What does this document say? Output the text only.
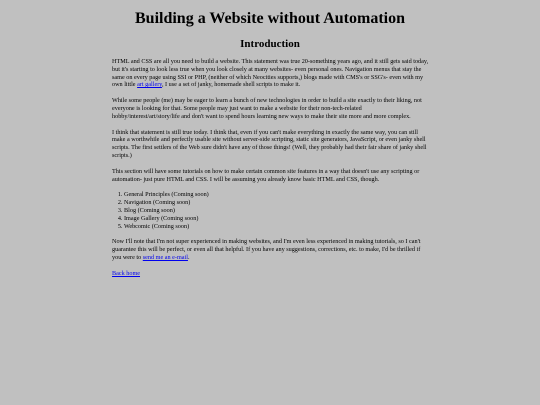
Building a Website without Automation
Introduction

HTML and CSS are all you need to build a website. This statement was true 20-something years ago, and it still gets said today, but it's starting to look less true when you look closely at many websites- even personal ones. Navigation menus that stay the same on every page using SSI or PHP, (neither of which Neocities supports,) blogs made with CMS's or SSG's- even with my own little art gallery, I use a set of janky, homemade shell scripts to make it.

While some people (me) may be eager to learn a bunch of new technologies in order to build a site exactly to their liking, not everyone is looking for that. Some people may just want to make a website for their non-tech-related hobby/interest/art/story/life and don't want to spend hours learning new ways to make their site more and more complex.

I think that statement is still true today. I think that, even if you can't make everything in exactly the same way, you can still make a worthwhile and perfectly usable site without server-side scripting, static site generators, JavaScript, or even janky shell scripts. The first settlers of the Web sure didn't have any of those things! (Well, they probably had their fair share of janky shell scripts.)

This section will have some tutorials on how to make certain common site features in a way that doesn't use any scripting or automation- just pure HTML and CSS. I will be assuming you already know basic HTML and CSS, though.

1. General Principles (Coming soon)
2. Navigation (Coming soon)
3. Blog (Coming soon)
4. Image Gallery (Coming soon)
5. Webcomic (Coming soon)

Now I'll note that I'm not super experienced in making websites, and I'm even less experienced in making tutorials, so I can't guarantee this will be perfect, or even all that helpful. If you have any suggestions, corrections, etc. to make, I'd be thrilled if you were to send me an e-mail.

Back home
